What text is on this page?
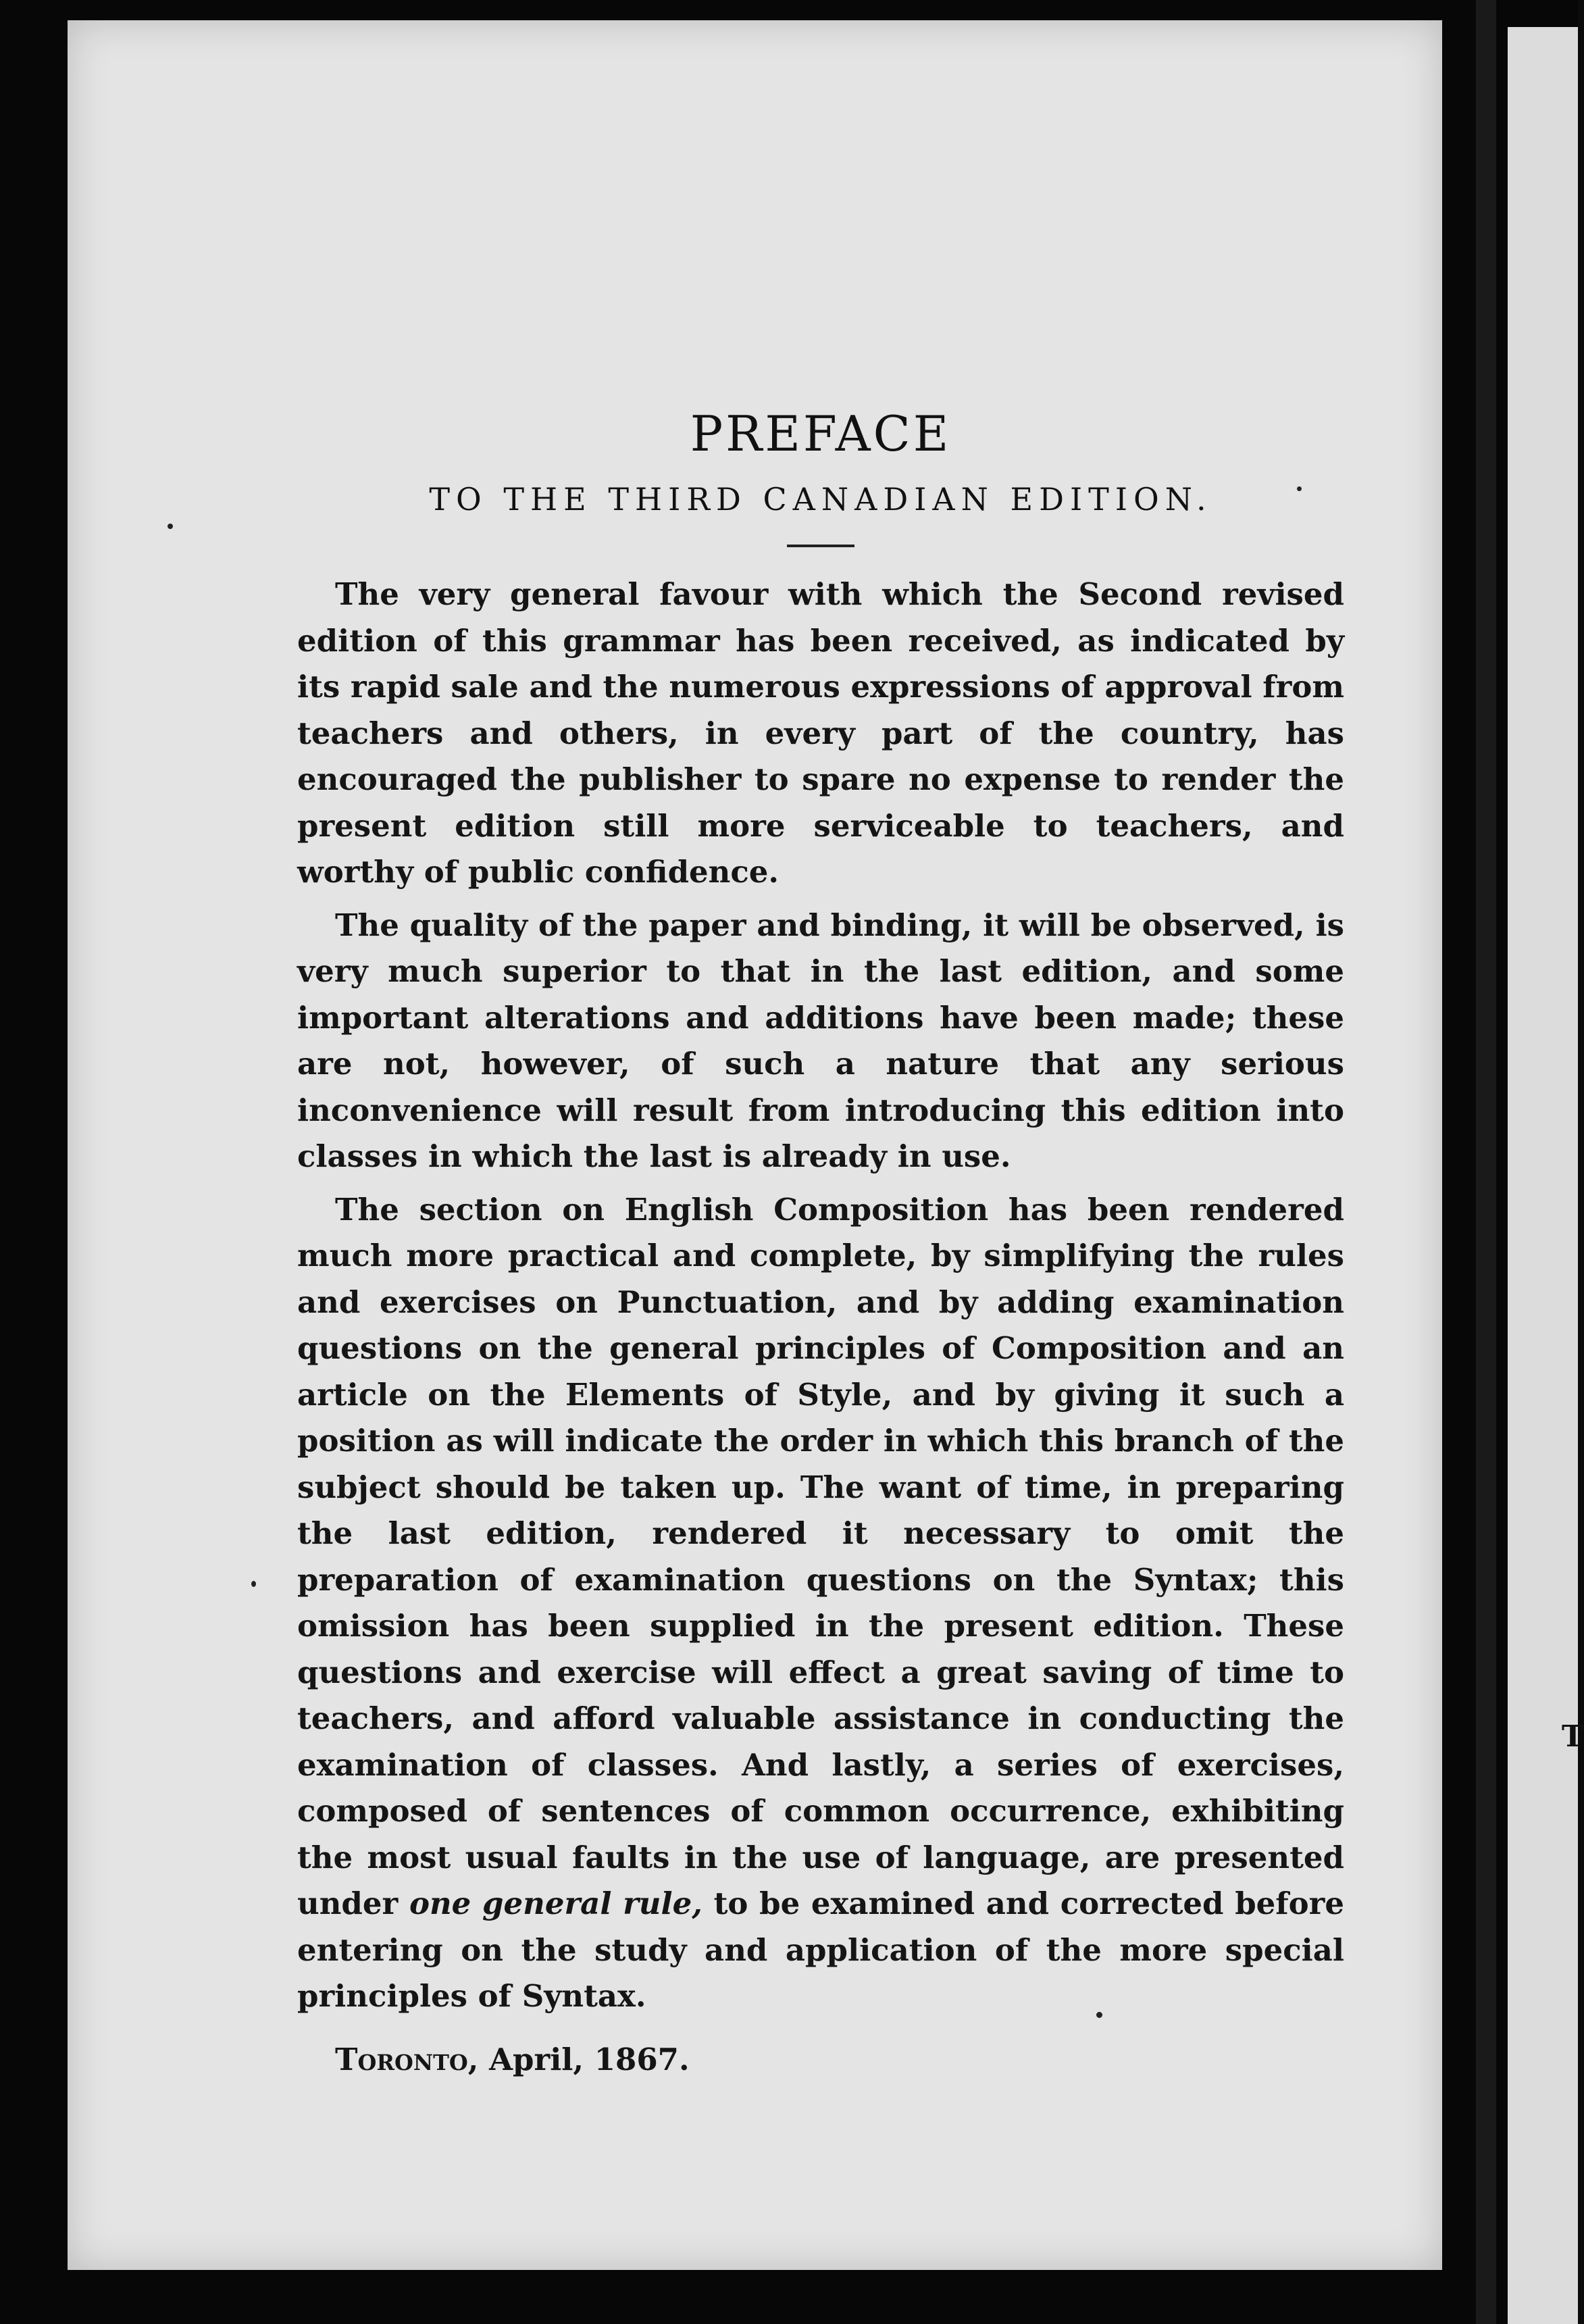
T
PREFACE
TO THE THIRD CANADIAN EDITION.

The very general favour with which the Second revised edition of this grammar has been received, as indicated by its rapid sale and the numerous expressions of approval from teachers and others, in every part of the country, has encouraged the publisher to spare no expense to render the present edition still more serviceable to teachers, and worthy of public confidence.

The quality of the paper and binding, it will be observed, is very much superior to that in the last edition, and some important alterations and additions have been made; these are not, however, of such a nature that any serious inconvenience will result from introducing this edition into classes in which the last is already in use.

The section on English Composition has been rendered much more practical and complete, by simplifying the rules and exercises on Punctuation, and by adding examination questions on the general principles of Composition and an article on the Elements of Style, and by giving it such a position as will indicate the order in which this branch of the subject should be taken up. The want of time, in preparing the last edition, rendered it necessary to omit the preparation of examination questions on the Syntax; this omission has been supplied in the present edition. These questions and exercise will effect a great saving of time to teachers, and afford valuable assistance in conducting the examination of classes. And lastly, a series of exercises, composed of sentences of common occurrence, exhibiting the most usual faults in the use of language, are presented under one general rule, to be examined and corrected before entering on the study and application of the more special principles of Syntax.

Toronto, April, 1867.
